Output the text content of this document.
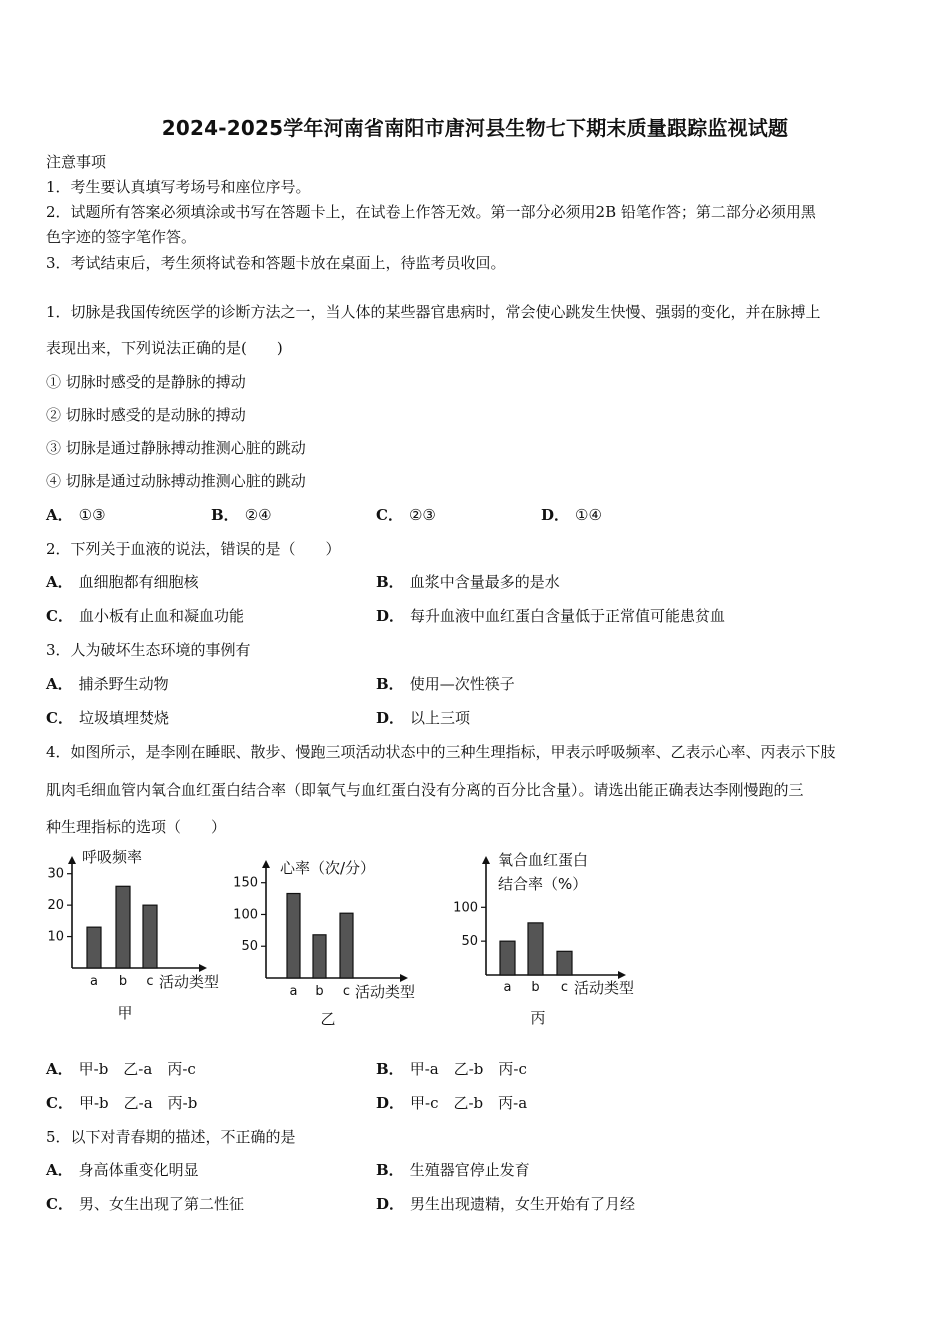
2024-2025学年河南省南阳市唐河县生物七下期末质量跟踪监视试题
注意事项
1．考生要认真填写考场号和座位序号。
2．试题所有答案必须填涂或书写在答题卡上，在试卷上作答无效。第一部分必须用2B 铅笔作答；第二部分必须用黑
色字迹的签字笔作答。
3．考试结束后，考生须将试卷和答题卡放在桌面上，待监考员收回。
1．切脉是我国传统医学的诊断方法之一，当人体的某些器官患病时，常会使心跳发生快慢、强弱的变化，并在脉搏上
表现出来，下列说法正确的是(　　)
① 切脉时感受的是静脉的搏动
② 切脉时感受的是动脉的搏动
③ 切脉是通过静脉搏动推测心脏的跳动
④ 切脉是通过动脉搏动推测心脏的跳动
A． ①③	B． ②④	C． ②③	D． ①④
2．下列关于血液的说法，错误的是（　　）
A． 血细胞都有细胞核	B． 血浆中含量最多的是水
C． 血小板有止血和凝血功能	D． 每升血液中血红蛋白含量低于正常值可能患贫血
3．人为破坏生态环境的事例有
A． 捕杀野生动物	B． 使用—次性筷子
C． 垃圾填埋焚烧	D． 以上三项
4．如图所示，是李刚在睡眠、散步、慢跑三项活动状态中的三种生理指标，甲表示呼吸频率、乙表示心率、丙表示下肢
肌肉毛细血管内氧合血红蛋白结合率（即氧气与血红蛋白没有分离的百分比含量）。请选出能正确表达李刚慢跑的三
种生理指标的选项（　　）
10
20
30
a b c 活动类型
呼吸频率
甲
50
100
150
a b c 活动类型
心率（次/分）
乙
50
100
a b c 活动类型
氧合血红蛋白
结合率（%）
丙
A． 甲-b　乙-a　丙-c	B． 甲-a　乙-b　丙-c
C． 甲-b　乙-a　丙-b	D． 甲-c　乙-b　丙-a
5．以下对青春期的描述，不正确的是
A． 身高体重变化明显	B． 生殖器官停止发育
C． 男、女生出现了第二性征	D． 男生出现遗精，女生开始有了月经
